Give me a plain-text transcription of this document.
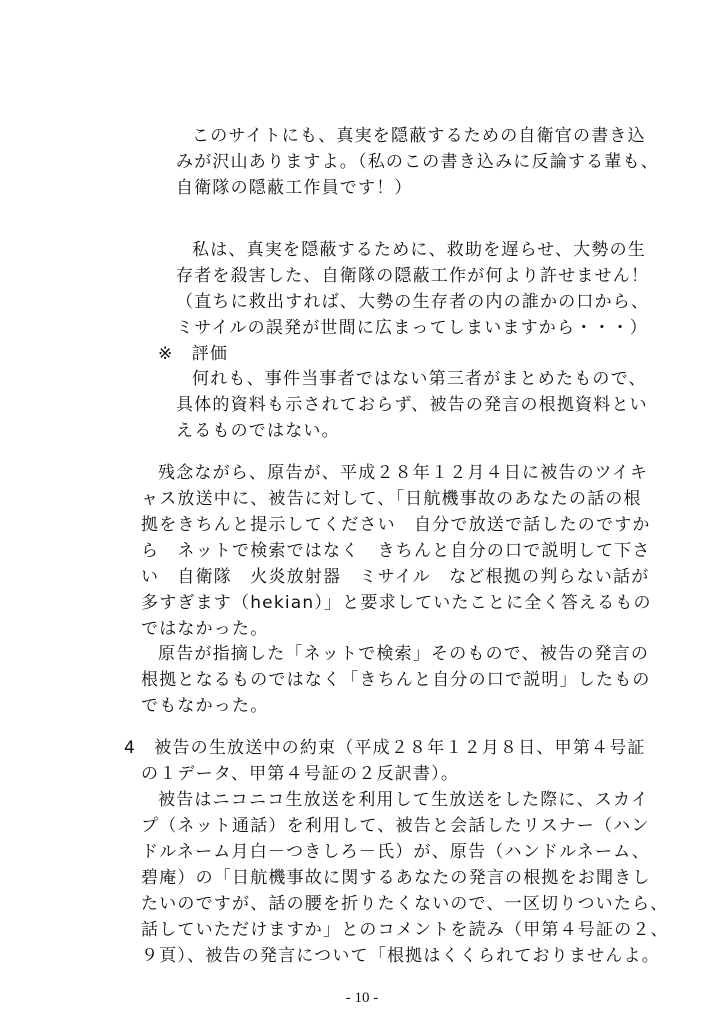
このサイトにも、真実を隠蔽するための自衛官の書き込
みが沢山ありますよ。（私のこの書き込みに反論する輩も、
自衛隊の隠蔽工作員です！）
私は、真実を隠蔽するために、救助を遅らせ、大勢の生
存者を殺害した、自衛隊の隠蔽工作が何より許せません！
（直ちに救出すれば、大勢の生存者の内の誰かの口から、
ミサイルの誤発が世間に広まってしまいますから・・・）
※　評価
何れも、事件当事者ではない第三者がまとめたもので、
具体的資料も示されておらず、被告の発言の根拠資料とい
えるものではない。
残念ながら、原告が、平成２８年１２月４日に被告のツイキ
ャス放送中に、被告に対して、「日航機事故のあなたの話の根
拠をきちんと提示してください　自分で放送で話したのですか
ら　ネットで検索ではなく　きちんと自分の口で説明して下さ
い　自衛隊　火炎放射器　ミサイル　など根拠の判らない話が
多すぎます（hekian）」と要求していたことに全く答えるもの
ではなかった。
原告が指摘した「ネットで検索」そのもので、被告の発言の
根拠となるものではなく「きちんと自分の口で説明」したもの
でもなかった。
4　被告の生放送中の約束（平成２８年１２月８日、甲第４号証
の１データ、甲第４号証の２反訳書）。
被告はニコニコ生放送を利用して生放送をした際に、スカイ
プ（ネット通話）を利用して、被告と会話したリスナー（ハン
ドルネーム月白－つきしろ－氏）が、原告（ハンドルネーム、
碧庵）の「日航機事故に関するあなたの発言の根拠をお聞きし
たいのですが、話の腰を折りたくないので、一区切りついたら、
話していただけますか」とのコメントを読み（甲第４号証の２、
９頁）、被告の発言について「根拠はくくられておりませんよ。
- 10 -
